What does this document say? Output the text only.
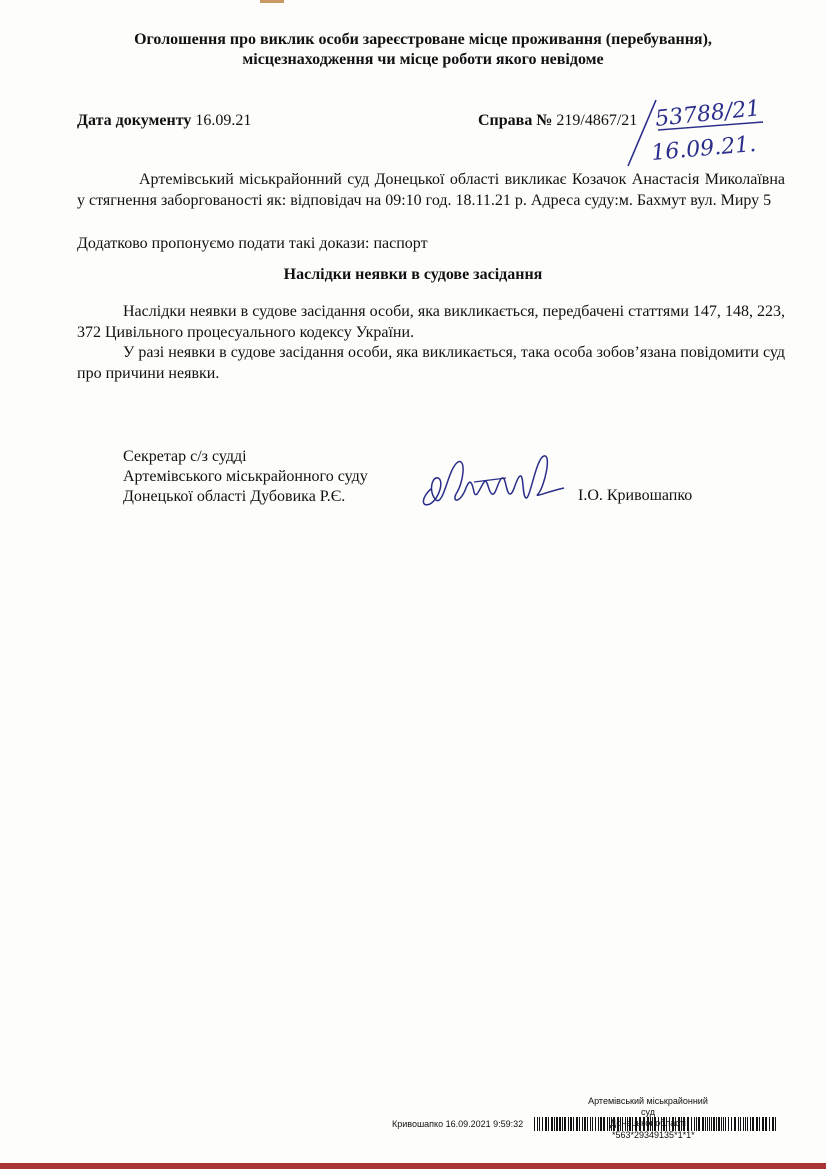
Оголошення про виклик особи зареєстроване місце проживання (перебування),
місцезнаходження чи місце роботи якого невідоме
Дата документу 16.09.21	Справа № 219/4867/21 53788/21
16.09.21.
Артемівський міськрайонний суд Донецької області викликає Козачок Анастасія Миколаївна у стягнення заборгованості як: відповідач на 09:10 год. 18.11.21 р. Адреса суду:м. Бахмут вул. Миру 5
Додатково пропонуємо подати такі докази: паспорт
Наслідки неявки в судове засідання
Наслідки неявки в судове засідання особи, яка викликається, передбачені статтями 147, 148, 223, 372 Цивільного процесуального кодексу України.
У разі неявки в судове засідання особи, яка викликається, така особа зобов’язана повідомити суд про причини неявки.
Секретар с/з судді
Артемівського міськрайонного суду
Донецької області Дубовика Р.Є.	І.О. Кривошапко
Артемівський міськрайонний суд
Донецької області
Кривошапко 16.09.2021 9:59:32
*563*29349135*1*1*
